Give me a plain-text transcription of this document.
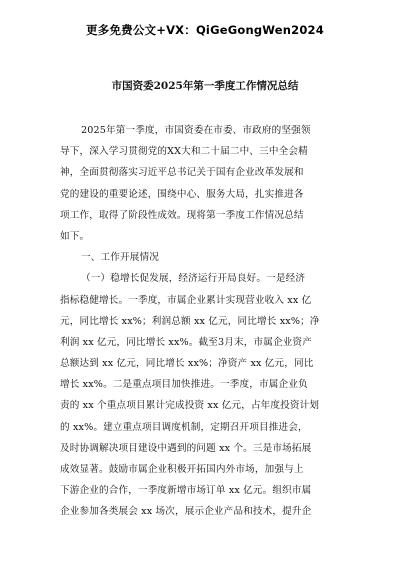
更多免费公文+VX：QiGeGongWen2024
市国资委2025年第一季度工作情况总结
2025年第一季度，市国资委在市委、市政府的坚强领
导下，深入学习贯彻党的XX大和二十届二中、三中全会精
神，全面贯彻落实习近平总书记关于国有企业改革发展和
党的建设的重要论述，围绕中心、服务大局，扎实推进各
项工作，取得了阶段性成效。现将第一季度工作情况总结
如下。
一、工作开展情况
（一）稳增长促发展，经济运行开局良好。一是经济
指标稳健增长。一季度，市属企业累计实现营业收入 xx 亿
元，同比增长 xx%；利润总额 xx 亿元，同比增长 xx%；净
利润 xx 亿元，同比增长 xx%。截至3月末，市属企业资产
总额达到 xx 亿元，同比增长 xx%；净资产 xx 亿元，同比
增长 xx%。二是重点项目加快推进。一季度，市属企业负
责的 xx 个重点项目累计完成投资 xx 亿元，占年度投资计划
的 xx%。建立重点项目调度机制，定期召开项目推进会，
及时协调解决项目建设中遇到的问题 xx 个。三是市场拓展
成效显著。鼓励市属企业积极开拓国内外市场，加强与上
下游企业的合作，一季度新增市场订单 xx 亿元。组织市属
企业参加各类展会 xx 场次，展示企业产品和技术，提升企
